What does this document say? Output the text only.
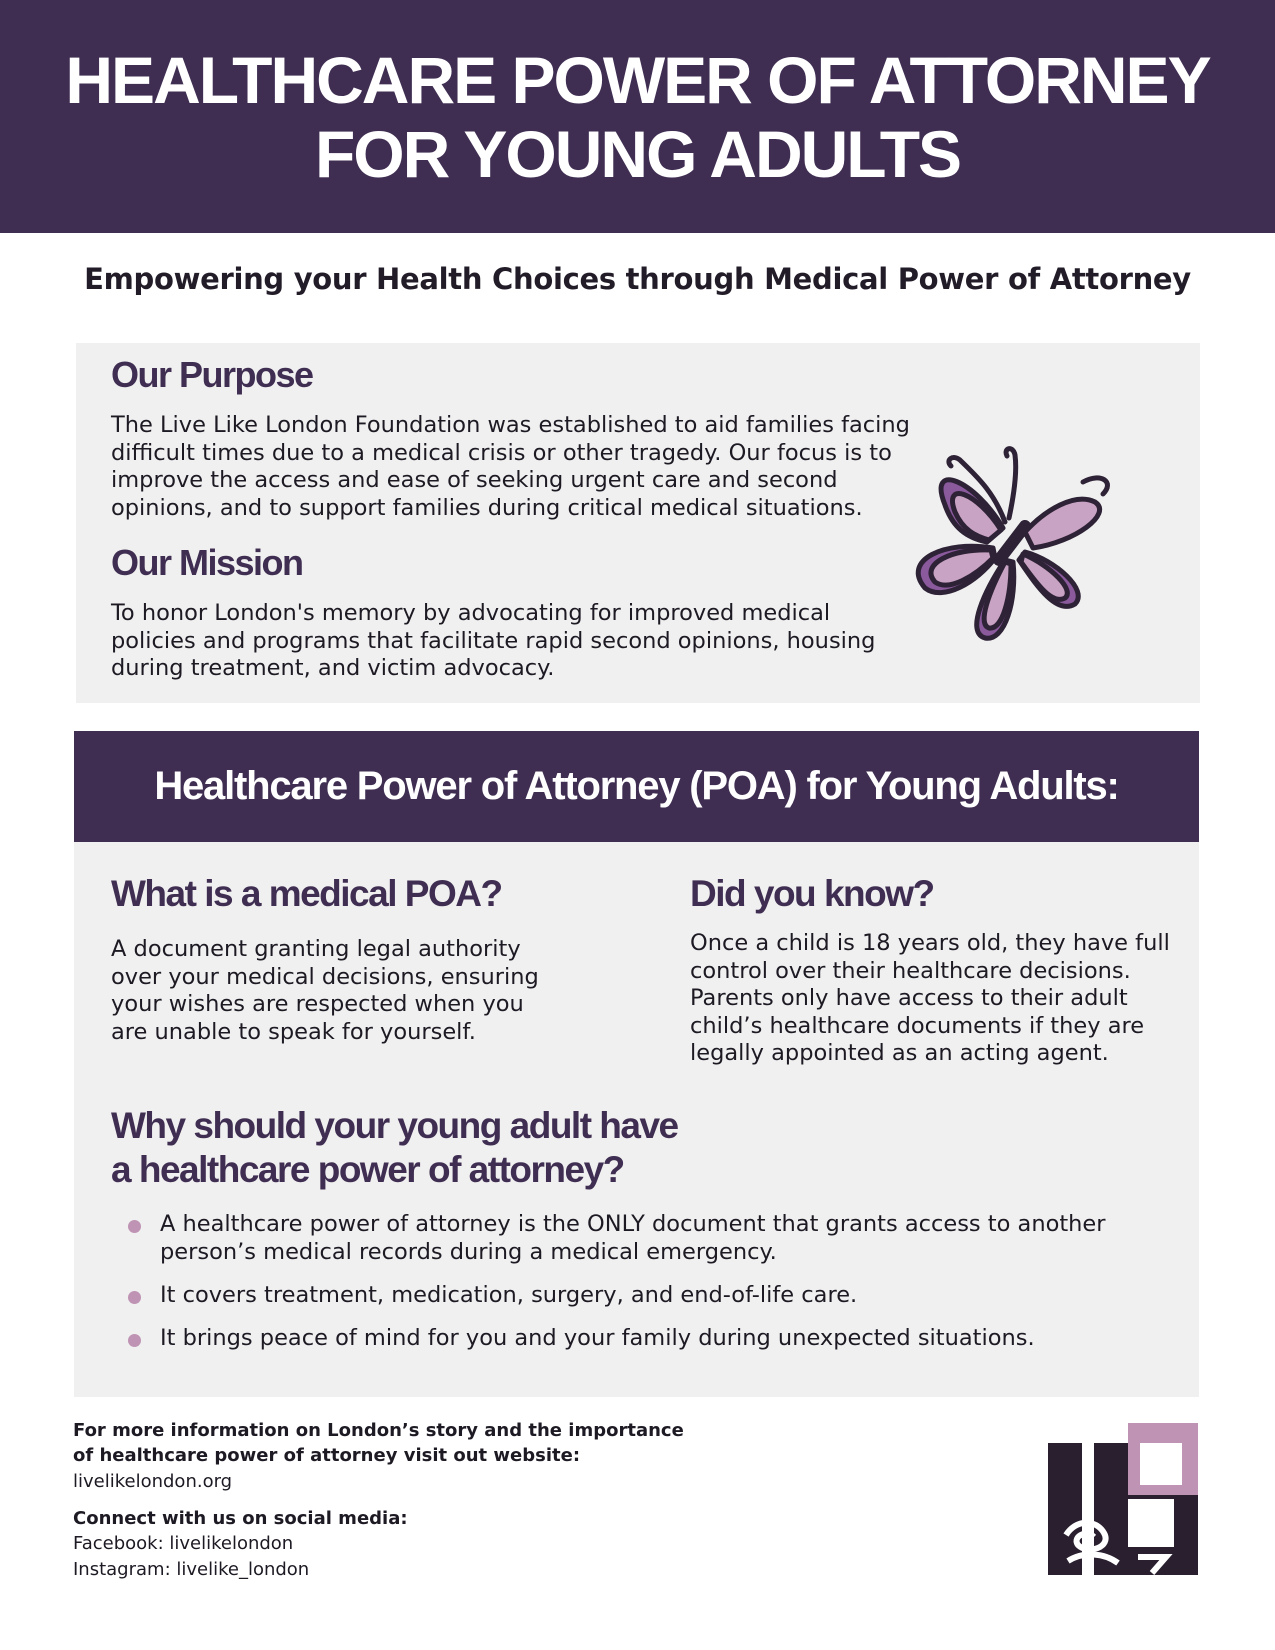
HEALTHCARE POWER OF ATTORNEY
FOR YOUNG ADULTS
Empowering your Health Choices through Medical Power of Attorney
Our Purpose

The Live Like London Foundation was established to aid families facing difficult times due to a medical crisis or other tragedy. Our focus is to improve the access and ease of seeking urgent care and second opinions, and to support families during critical medical situations.

Our Mission

To honor London's memory by advocating for improved medical policies and programs that facilitate rapid second opinions, housing during treatment, and victim advocacy.

Healthcare Power of Attorney (POA) for Young Adults:
What is a medical POA?

A document granting legal authority over your medical decisions, ensuring your wishes are respected when you are unable to speak for yourself.

Did you know?

Once a child is 18 years old, they have full control over their healthcare decisions. Parents only have access to their adult child’s healthcare documents if they are legally appointed as an acting agent.

Why should your young adult have
a healthcare power of attorney?
A healthcare power of attorney is the ONLY document that grants access to another person’s medical records during a medical emergency.
It covers treatment, medication, surgery, and end-of-life care.
It brings peace of mind for you and your family during unexpected situations.

For more information on London’s story and the importance

of healthcare power of attorney visit out website:

livelikelondon.org

Connect with us on social media:

Facebook: livelikelondon

Instagram: livelike_london
